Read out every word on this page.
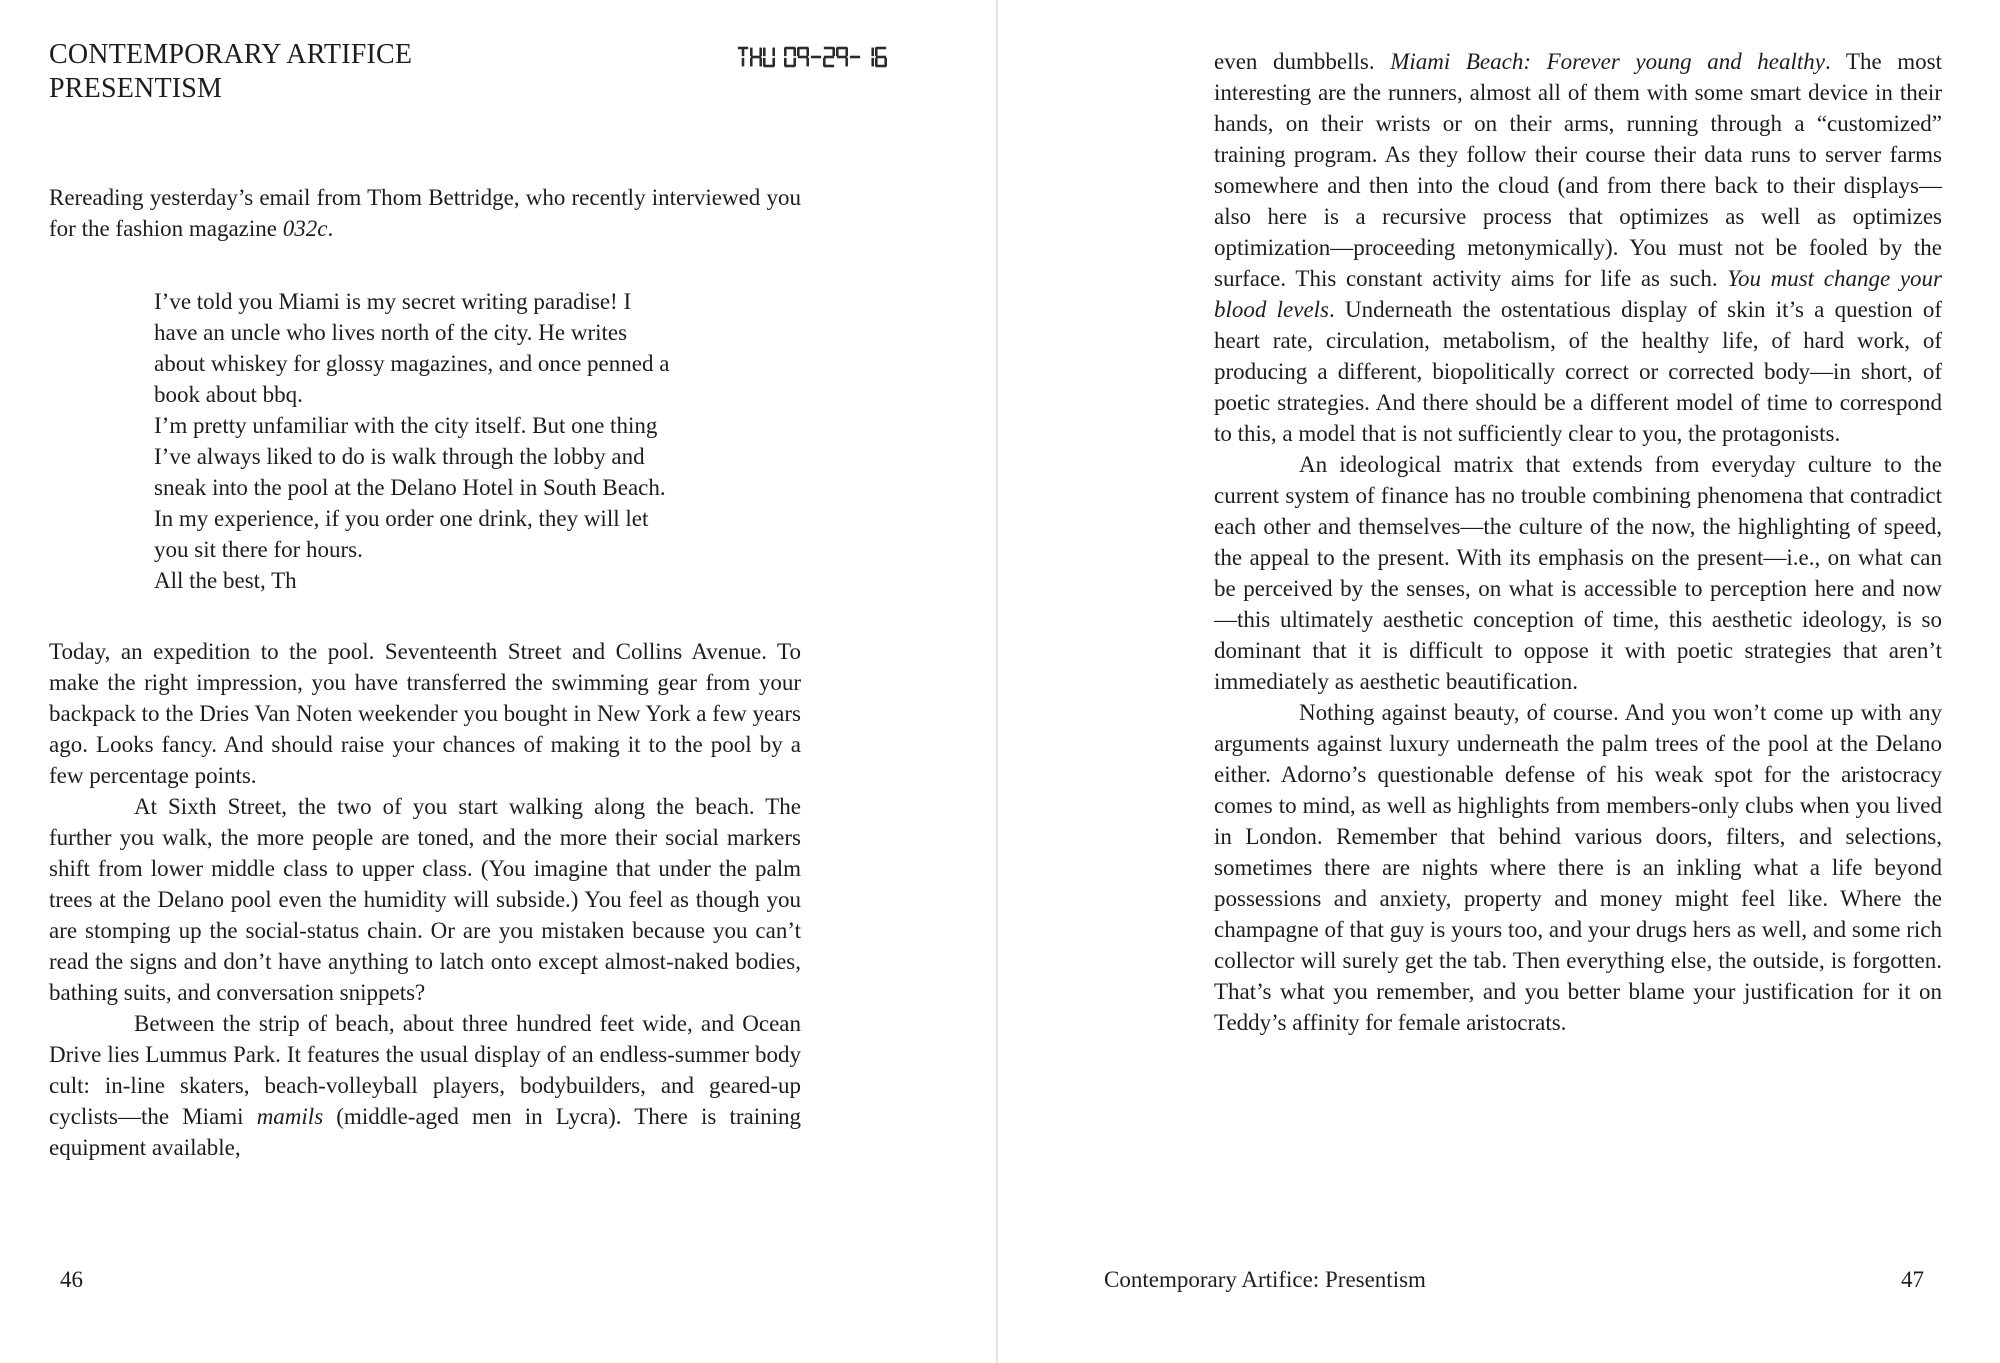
CONTEMPORARY ARTIFICE
PRESENTISM

Rereading yesterday’s email from Thom Bettridge, who recently interviewed you for the fashion magazine 032c.

I’ve told you Miami is my secret writing paradise! I have an uncle who lives north of the city. He writes about whiskey for glossy magazines, and once penned a book about bbq.

I’m pretty unfamiliar with the city itself. But one thing I’ve always liked to do is walk through the lobby and sneak into the pool at the Delano Hotel in South Beach. In my experience, if you order one drink, they will let you sit there for hours.

All the best, Th

Today, an expedition to the pool. Seventeenth Street and Collins Avenue. To make the right impression, you have transferred the swimming gear from your backpack to the Dries Van Noten weekender you bought in New York a few years ago. Looks fancy. And should raise your chances of making it to the pool by a few percentage points.

At Sixth Street, the two of you start walking along the beach. The further you walk, the more people are toned, and the more their social markers shift from lower middle class to upper class. (You imagine that under the palm trees at the Delano pool even the humidity will subside.) You feel as though you are stomping up the social-status chain. Or are you mistaken because you can’t read the signs and don’t have anything to latch onto except almost-naked bodies, bathing suits, and conversation snippets?

Between the strip of beach, about three hundred feet wide, and Ocean Drive lies Lummus Park. It features the usual display of an endless-summer body cult: in-line skaters, beach-volleyball players, bodybuilders, and geared-up cyclists—the Miami mamils (middle-aged men in Lycra). There is training equipment available,

46

even dumbbells. Miami Beach: Forever young and healthy. The most interesting are the runners, almost all of them with some smart device in their hands, on their wrists or on their arms, running through a “customized” training program. As they follow their course their data runs to server farms somewhere and then into the cloud (and from there back to their displays—also here is a recursive process that optimizes as well as optimizes optimization—proceeding metonymically). You must not be fooled by the surface. This constant activity aims for life as such. You must change your blood levels. Underneath the ostentatious display of skin it’s a question of heart rate, circulation, metabolism, of the healthy life, of hard work, of producing a different, biopolitically correct or corrected body—in short, of poetic strategies. And there should be a different model of time to correspond to this, a model that is not sufficiently clear to you, the protagonists.

An ideological matrix that extends from everyday culture to the current system of finance has no trouble combining phenomena that contradict each other and themselves—the culture of the now, the highlighting of speed, the appeal to the present. With its emphasis on the present—i.e., on what can be perceived by the senses, on what is accessible to perception here and now—this ultimately aesthetic conception of time, this aesthetic ideology, is so dominant that it is difficult to oppose it with poetic strategies that aren’t immediately as aesthetic beautification.

Nothing against beauty, of course. And you won’t come up with any arguments against luxury underneath the palm trees of the pool at the Delano either. Adorno’s questionable defense of his weak spot for the aristocracy comes to mind, as well as highlights from members-only clubs when you lived in London. Remember that behind various doors, filters, and selections, sometimes there are nights where there is an inkling what a life beyond possessions and anxiety, property and money might feel like. Where the champagne of that guy is yours too, and your drugs hers as well, and some rich collector will surely get the tab. Then everything else, the outside, is forgotten. That’s what you remember, and you better blame your justification for it on Teddy’s affinity for female aristocrats.

Contemporary Artifice: Presentism	47
